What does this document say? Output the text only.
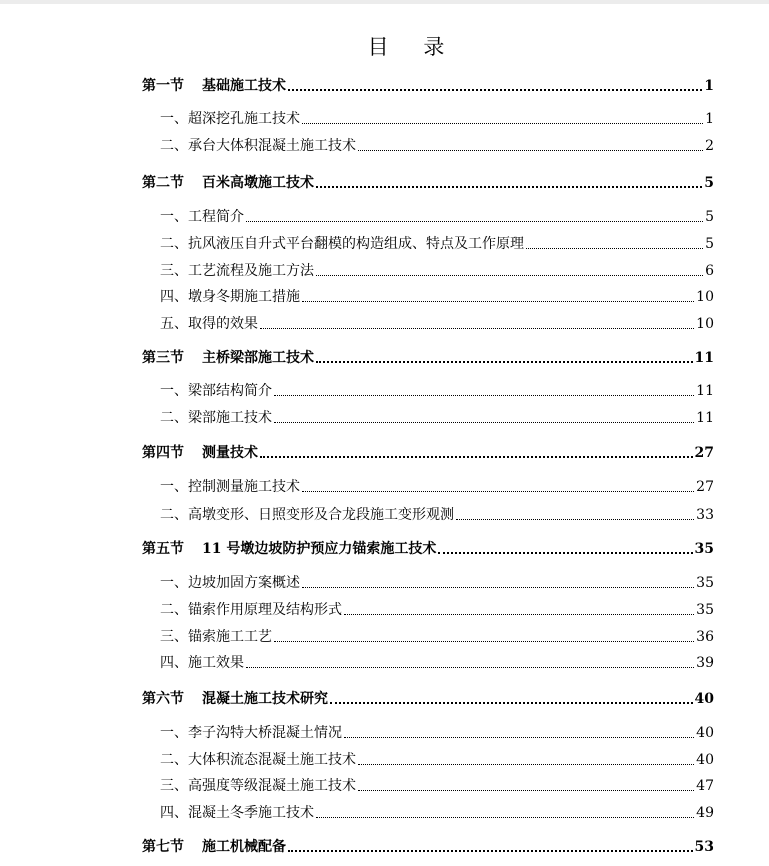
目 录
第一节 基础施工技术	1
一、超深挖孔施工技术	1
二、承台大体积混凝土施工技术	2
第二节 百米高墩施工技术	5
一、工程简介	5
二、抗风液压自升式平台翻模的构造组成、特点及工作原理	5
三、工艺流程及施工方法	6
四、墩身冬期施工措施	10
五、取得的效果	10
第三节 主桥梁部施工技术	11
一、梁部结构简介	11
二、梁部施工技术	11
第四节 测量技术	27
一、控制测量施工技术	27
二、高墩变形、日照变形及合龙段施工变形观测	33
第五节 11 号墩边坡防护预应力锚索施工技术	35
一、边坡加固方案概述	35
二、锚索作用原理及结构形式	35
三、锚索施工工艺	36
四、施工效果	39
第六节 混凝土施工技术研究	40
一、李子沟特大桥混凝土情况	40
二、大体积流态混凝土施工技术	40
三、高强度等级混凝土施工技术	47
四、混凝土冬季施工技术	49
第七节 施工机械配备	53
